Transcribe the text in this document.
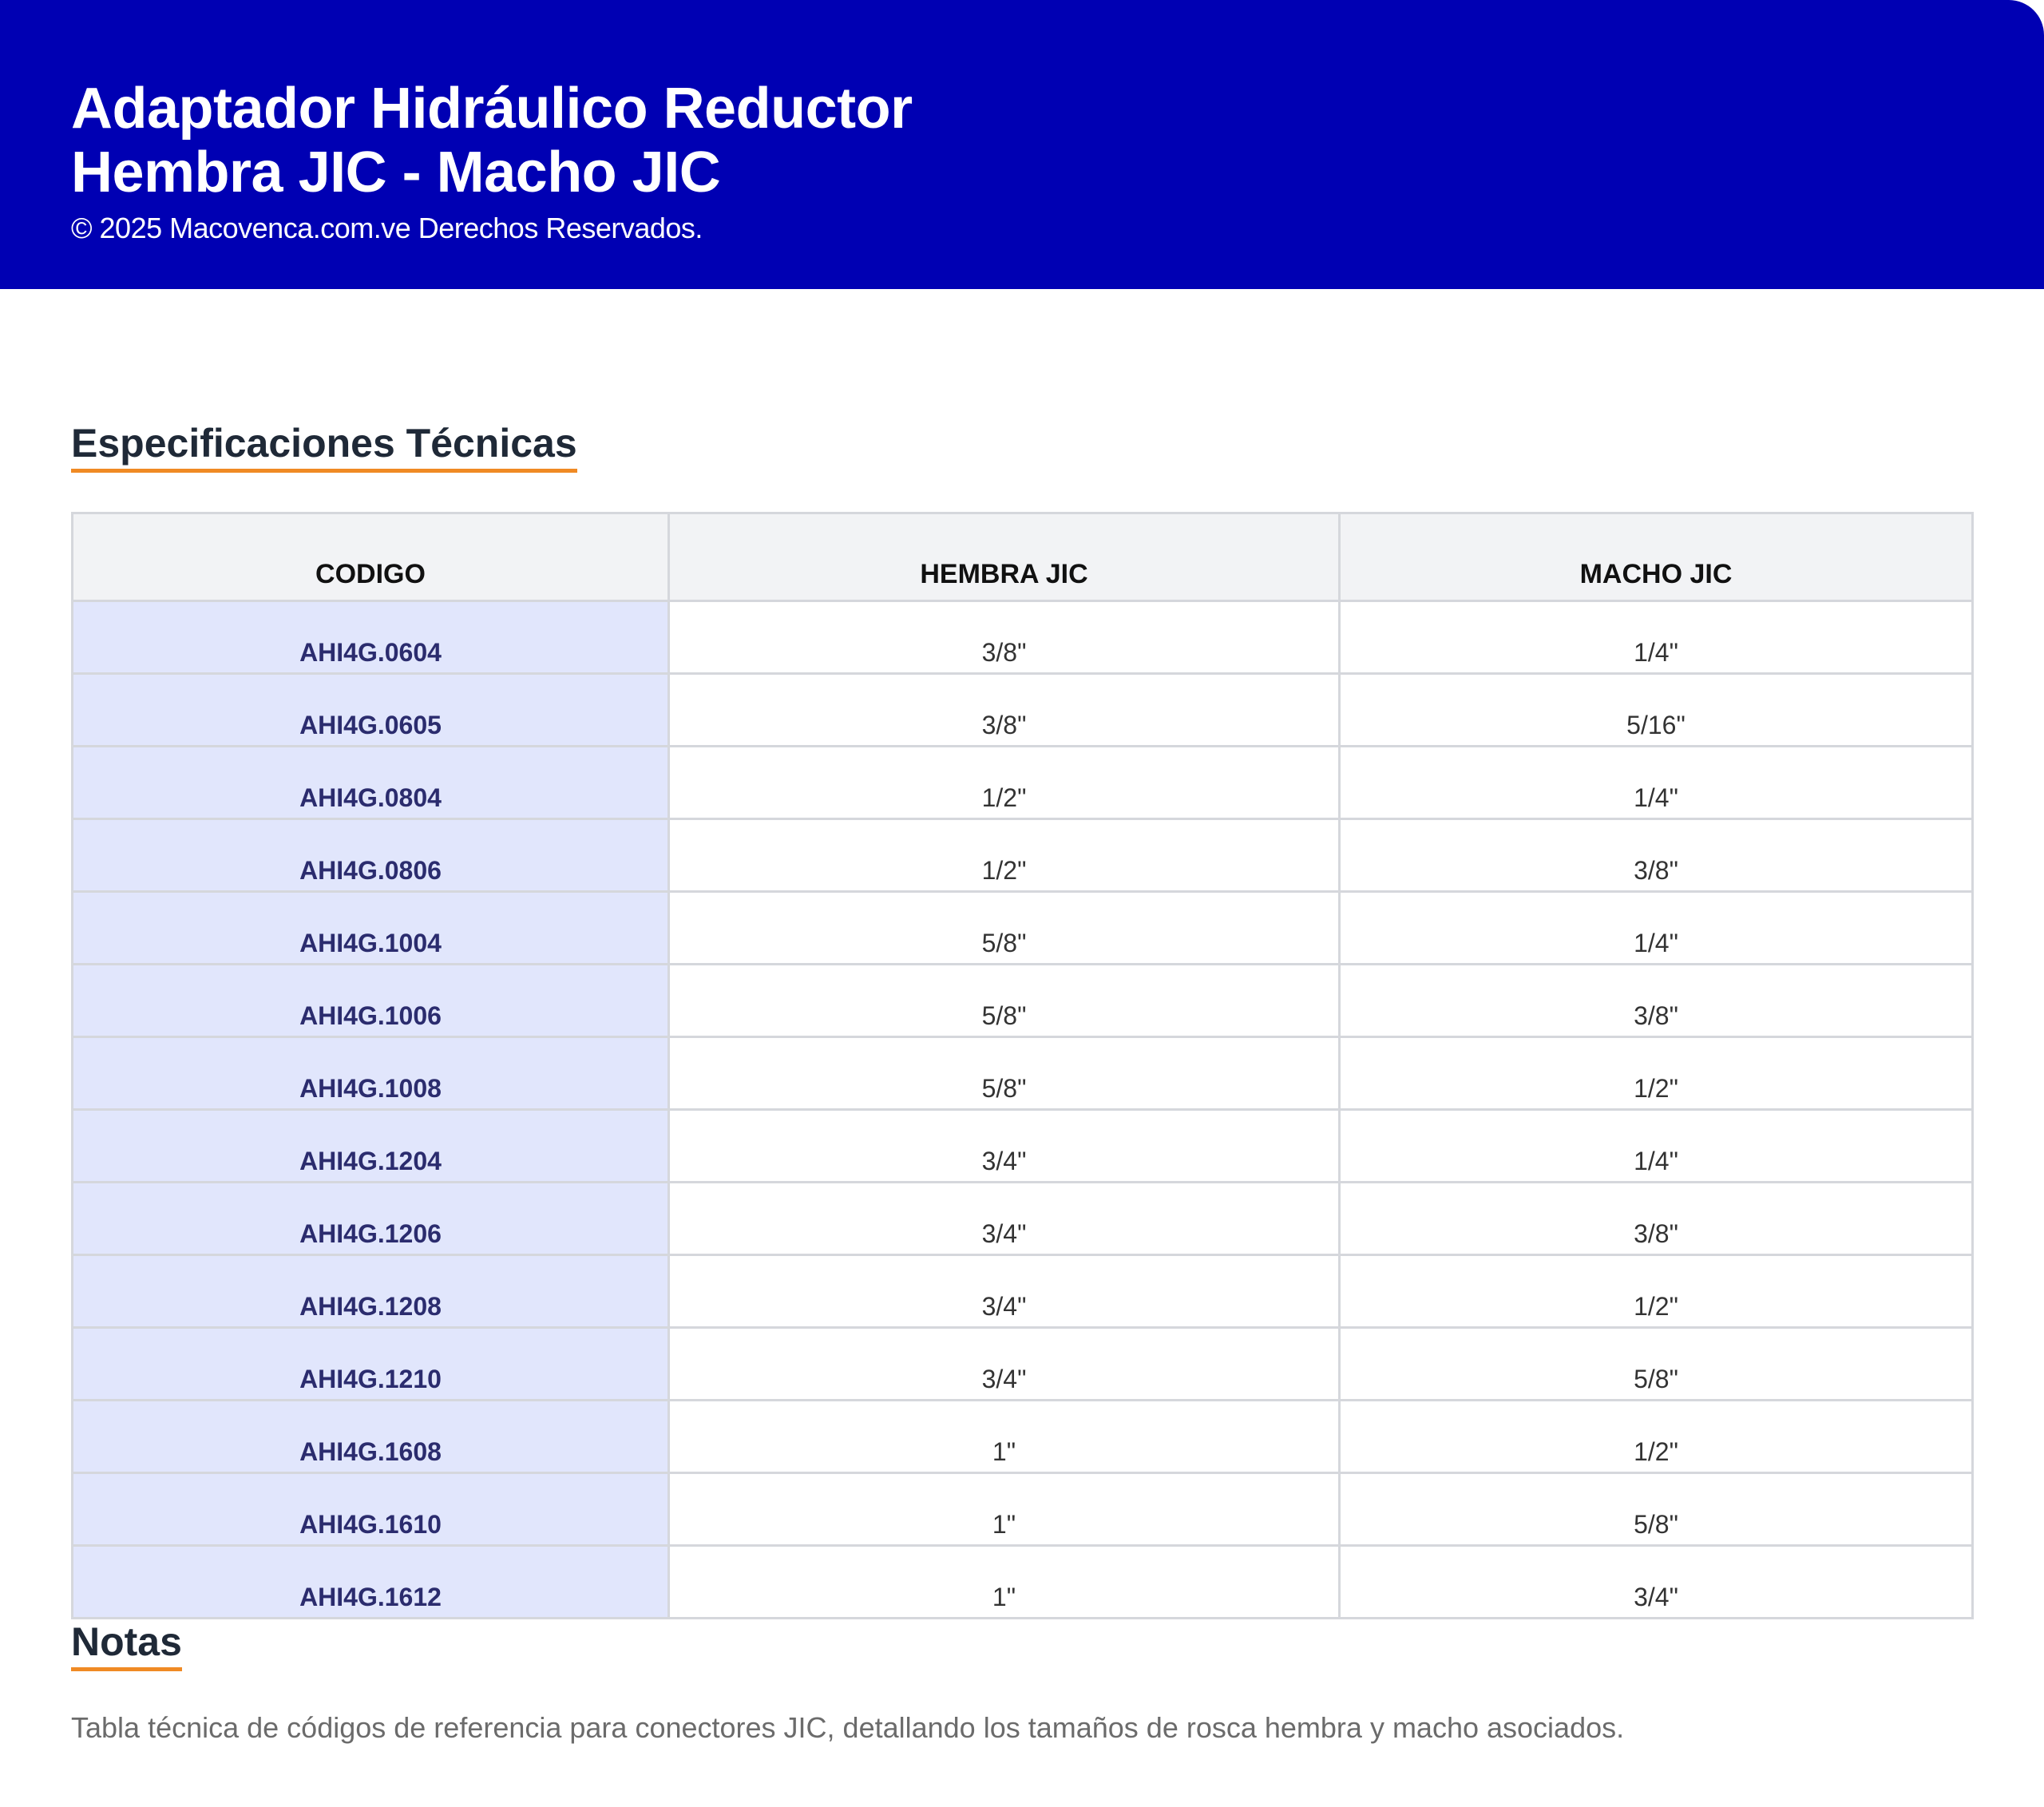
Adaptador Hidráulico Reductor
Hembra JIC - Macho JIC
© 2025 Macovenca.com.ve Derechos Reservados.
Especificaciones Técnicas
CODIGO	HEMBRA JIC	MACHO JIC
AHI4G.0604	3/8"	1/4"
AHI4G.0605	3/8"	5/16"
AHI4G.0804	1/2"	1/4"
AHI4G.0806	1/2"	3/8"
AHI4G.1004	5/8"	1/4"
AHI4G.1006	5/8"	3/8"
AHI4G.1008	5/8"	1/2"
AHI4G.1204	3/4"	1/4"
AHI4G.1206	3/4"	3/8"
AHI4G.1208	3/4"	1/2"
AHI4G.1210	3/4"	5/8"
AHI4G.1608	1"	1/2"
AHI4G.1610	1"	5/8"
AHI4G.1612	1"	3/4"
Notas

Tabla técnica de códigos de referencia para conectores JIC, detallando los tamaños de rosca hembra y macho asociados.
